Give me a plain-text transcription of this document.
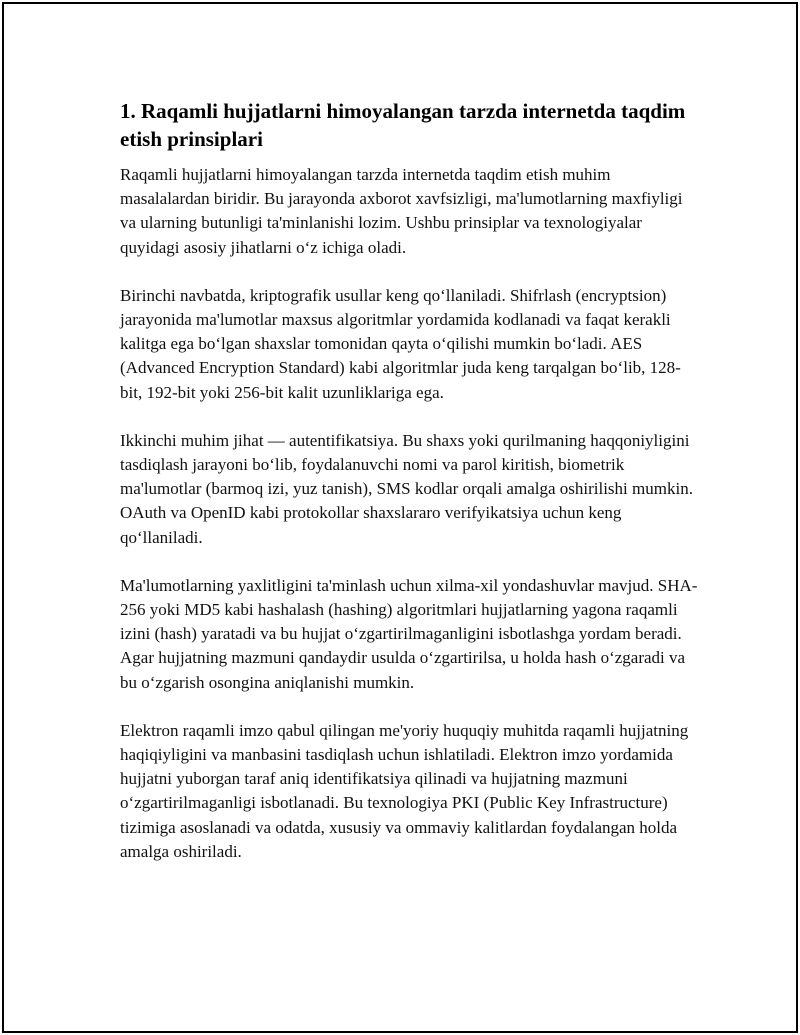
1. Raqamli hujjatlarni himoyalangan tarzda internetda taqdim etish prinsiplari

Raqamli hujjatlarni himoyalangan tarzda internetda taqdim etish muhim masalalardan biridir. Bu jarayonda axborot xavfsizligi, ma'lumotlarning maxfiyligi va ularning butunligi ta'minlanishi lozim. Ushbu prinsiplar va texnologiyalar quyidagi asosiy jihatlarni oʻz ichiga oladi.

Birinchi navbatda, kriptografik usullar keng qoʻllaniladi. Shifrlash (encryptsion) jarayonida ma'lumotlar maxsus algoritmlar yordamida kodlanadi va faqat kerakli kalitga ega boʻlgan shaxslar tomonidan qayta oʻqilishi mumkin boʻladi. AES (Advanced Encryption Standard) kabi algoritmlar juda keng tarqalgan boʻlib, 128-bit, 192-bit yoki 256-bit kalit uzunliklariga ega.

Ikkinchi muhim jihat — autentifikatsiya. Bu shaxs yoki qurilmaning haqqoniyligini tasdiqlash jarayoni boʻlib, foydalanuvchi nomi va parol kiritish, biometrik ma'lumotlar (barmoq izi, yuz tanish), SMS kodlar orqali amalga oshirilishi mumkin. OAuth va OpenID kabi protokollar shaxslararo verifyikatsiya uchun keng qoʻllaniladi.

Ma'lumotlarning yaxlitligini ta'minlash uchun xilma-xil yondashuvlar mavjud. SHA-256 yoki MD5 kabi hashalash (hashing) algoritmlari hujjatlarning yagona raqamli izini (hash) yaratadi va bu hujjat oʻzgartirilmaganligini isbotlashga yordam beradi. Agar hujjatning mazmuni qandaydir usulda oʻzgartirilsa, u holda hash oʻzgaradi va bu oʻzgarish osongina aniqlanishi mumkin.

Elektron raqamli imzo qabul qilingan me'yoriy huquqiy muhitda raqamli hujjatning haqiqiyligini va manbasini tasdiqlash uchun ishlatiladi. Elektron imzo yordamida hujjatni yuborgan taraf aniq identifikatsiya qilinadi va hujjatning mazmuni oʻzgartirilmaganligi isbotlanadi. Bu texnologiya PKI (Public Key Infrastructure) tizimiga asoslanadi va odatda, xususiy va ommaviy kalitlardan foydalangan holda amalga oshiriladi.
